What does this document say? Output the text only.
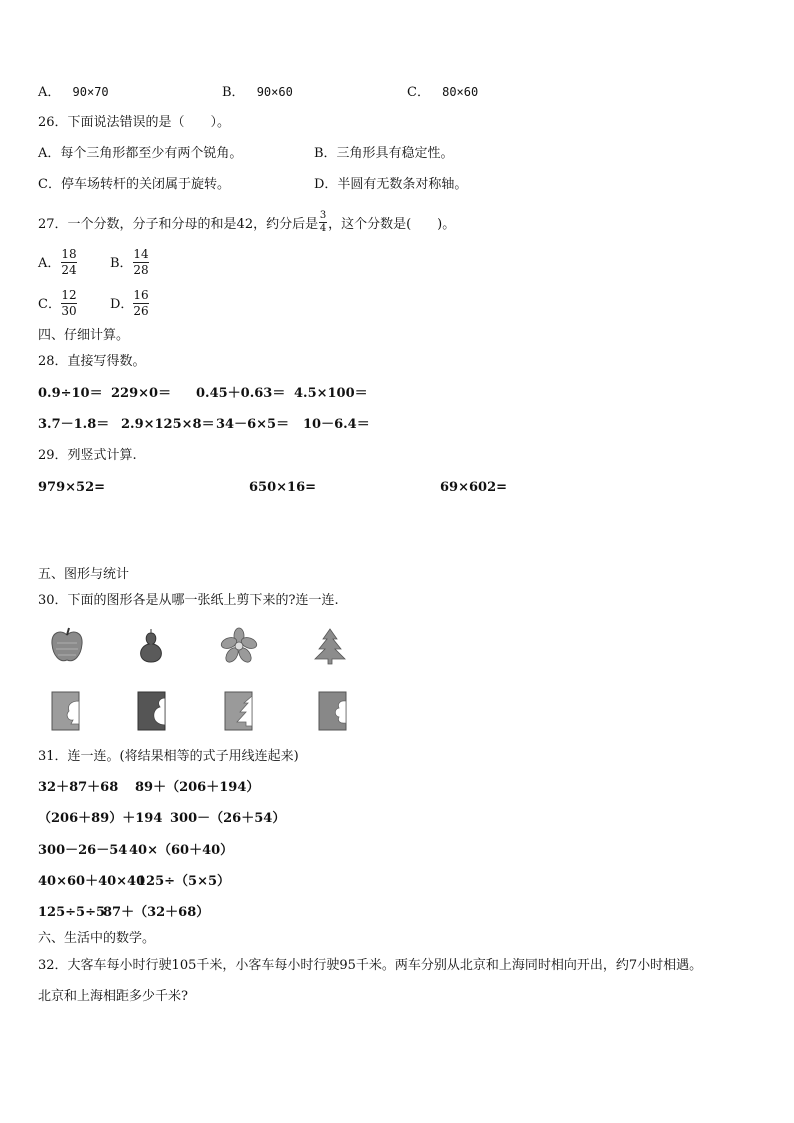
A． 90×70	B． 90×60	C． 80×60
26．下面说法错误的是（　　）。
A．每个三角形都至少有两个锐角。	B．三角形具有稳定性。
C．停车场转杆的关闭属于旋转。	D．半圆有无数条对称轴。
27．一个分数，分子和分母的和是42，约分后是 $\frac{3}{4}$ ，这个分数是(　　)。
A．
18
24	B．
14
28
C．
12
30	D．
16
26
四、仔细计算。
28．直接写得数。
0.9÷10＝ 229×0＝ 0.45＋0.63＝ 4.5×100＝
3.7－1.8＝ 2.9×125×8＝ 34－6×5＝ 10－6.4＝
29．列竖式计算.
979×52=	650×16=	69×602=
五、图形与统计
30．下面的图形各是从哪一张纸上剪下来的?连一连.
31．连一连。(将结果相等的式子用线连起来)
32＋87＋68 89＋（206＋194）
（206＋89）＋194 300－（26＋54）
300－26－54 40×（60＋40）
40×60＋40×40
125÷（5×5）
125÷5÷5
87＋（32＋68）
六、生活中的数学。
32．大客车每小时行驶105千米，小客车每小时行驶95千米。两车分别从北京和上海同时相向开出，约7小时相遇。
北京和上海相距多少千米?
